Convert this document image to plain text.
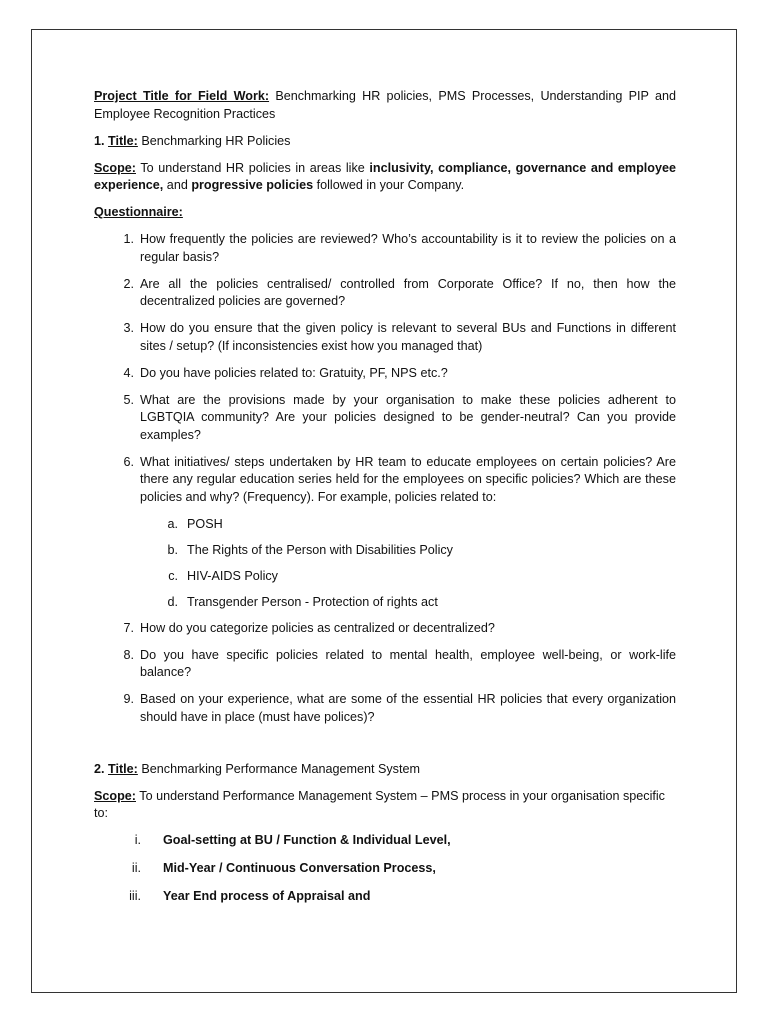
Project Title for Field Work: Benchmarking HR policies, PMS Processes, Understanding PIP and Employee Recognition Practices

1. Title: Benchmarking HR Policies

Scope: To understand HR policies in areas like inclusivity, compliance, governance and employee experience, and progressive policies followed in your Company.

Questionnaire:

1. How frequently the policies are reviewed? Who’s accountability is it to review the policies on a regular basis?
2. Are all the policies centralised/ controlled from Corporate Office? If no, then how the decentralized policies are governed?
3. How do you ensure that the given policy is relevant to several BUs and Functions in different sites / setup? (If inconsistencies exist how you managed that)
4. Do you have policies related to: Gratuity, PF, NPS etc.?
5. What are the provisions made by your organisation to make these policies adherent to LGBTQIA community? Are your policies designed to be gender-neutral? Can you provide examples?
6. What initiatives/ steps undertaken by HR team to educate employees on certain policies? Are there any regular education series held for the employees on specific policies? Which are these policies and why? (Frequency). For example, policies related to:
a. POSH
b. The Rights of the Person with Disabilities Policy
c. HIV-AIDS Policy
d. Transgender Person - Protection of rights act
7. How do you categorize policies as centralized or decentralized?
8. Do you have specific policies related to mental health, employee well-being, or work-life balance?
9. Based on your experience, what are some of the essential HR policies that every organization should have in place (must have polices)?

2. Title: Benchmarking Performance Management System

Scope: To understand Performance Management System – PMS process in your organisation specific to:

i. Goal-setting at BU / Function & Individual Level,
ii. Mid-Year / Continuous Conversation Process,
iii. Year End process of Appraisal and
